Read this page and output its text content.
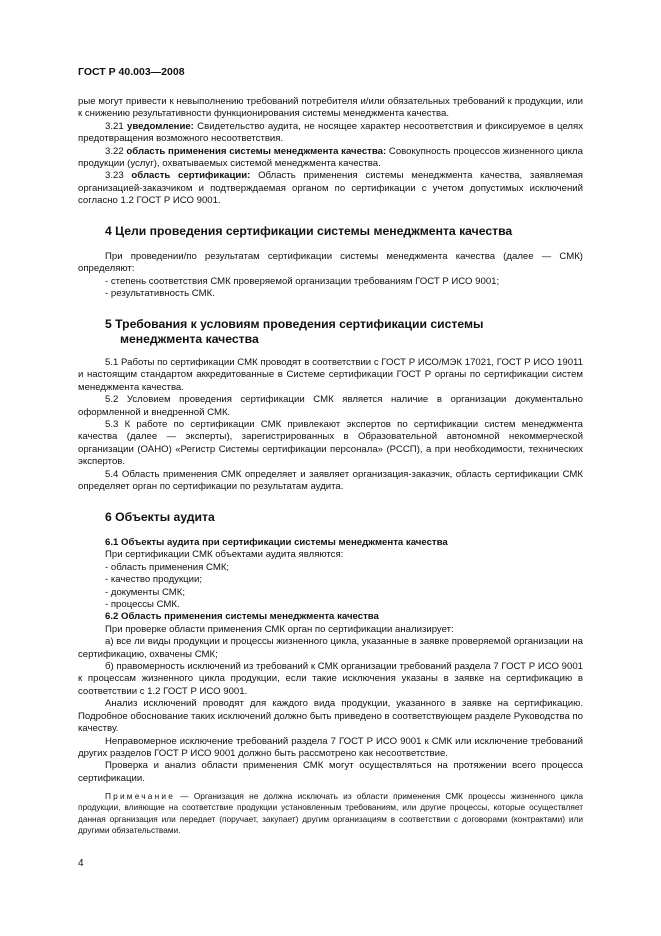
ГОСТ Р 40.003—2008

рые могут привести к невыполнению требований потребителя и/или обязательных требований к продукции, или к снижению результативности функционирования системы менеджмента качества.

3.21 уведомление: Свидетельство аудита, не носящее характер несоответствия и фиксируемое в целях предотвращения возможного несоответствия.

3.22 область применения системы менеджмента качества: Совокупность процессов жизненного цикла продукции (услуг), охватываемых системой менеджмента качества.

3.23 область сертификации: Область применения системы менеджмента качества, заявляемая организацией-заказчиком и подтверждаемая органом по сертификации с учетом допустимых исключений согласно 1.2 ГОСТ Р ИСО 9001.

4 Цели проведения сертификации системы менеджмента качества

При проведении/по результатам сертификации системы менеджмента качества (далее — СМК) определяют:

- степень соответствия СМК проверяемой организации требованиям ГОСТ Р ИСО 9001;

- результативность СМК.

5 Требования к условиям проведения сертификации системы
менеджмента качества

5.1 Работы по сертификации СМК проводят в соответствии с ГОСТ Р ИСО/МЭК 17021, ГОСТ Р ИСО 19011 и настоящим стандартом аккредитованные в Системе сертификации ГОСТ Р органы по сертификации систем менеджмента качества.

5.2 Условием проведения сертификации СМК является наличие в организации документально оформленной и внедренной СМК.

5.3 К работе по сертификации СМК привлекают экспертов по сертификации систем менеджмента качества (далее — эксперты), зарегистрированных в Образовательной автономной некоммерческой организации (ОАНО) «Регистр Системы сертификации персонала» (РССП), а при необходимости, технических экспертов.

5.4 Область применения СМК определяет и заявляет организация-заказчик, область сертификации СМК определяет орган по сертификации по результатам аудита.

6 Объекты аудита

6.1 Объекты аудита при сертификации системы менеджмента качества

При сертификации СМК объектами аудита являются:

- область применения СМК;

- качество продукции;

- документы СМК;

- процессы СМК.

6.2 Область применения системы менеджмента качества

При проверке области применения СМК орган по сертификации анализирует:

а) все ли виды продукции и процессы жизненного цикла, указанные в заявке проверяемой организации на сертификацию, охвачены СМК;

б) правомерность исключений из требований к СМК организации требований раздела 7 ГОСТ Р ИСО 9001 к процессам жизненного цикла продукции, если такие исключения указаны в заявке на сертификацию в соответствии с 1.2 ГОСТ Р ИСО 9001.

Анализ исключений проводят для каждого вида продукции, указанного в заявке на сертификацию. Подробное обоснование таких исключений должно быть приведено в соответствующем разделе Руководства по качеству.

Неправомерное исключение требований раздела 7 ГОСТ Р ИСО 9001 к СМК или исключение требований других разделов ГОСТ Р ИСО 9001 должно быть рассмотрено как несоответствие.

Проверка и анализ области применения СМК могут осуществляться на протяжении всего процесса сертификации.

Примечание — Организация не должна исключать из области применения СМК процессы жизненного цикла продукции, влияющие на соответствие продукции установленным требованиям, или другие процессы, которые осуществляет данная организация или передает (поручает, закупает) другим организациям в соответствии с договорами (контрактами) или другими обязательствами.

4
